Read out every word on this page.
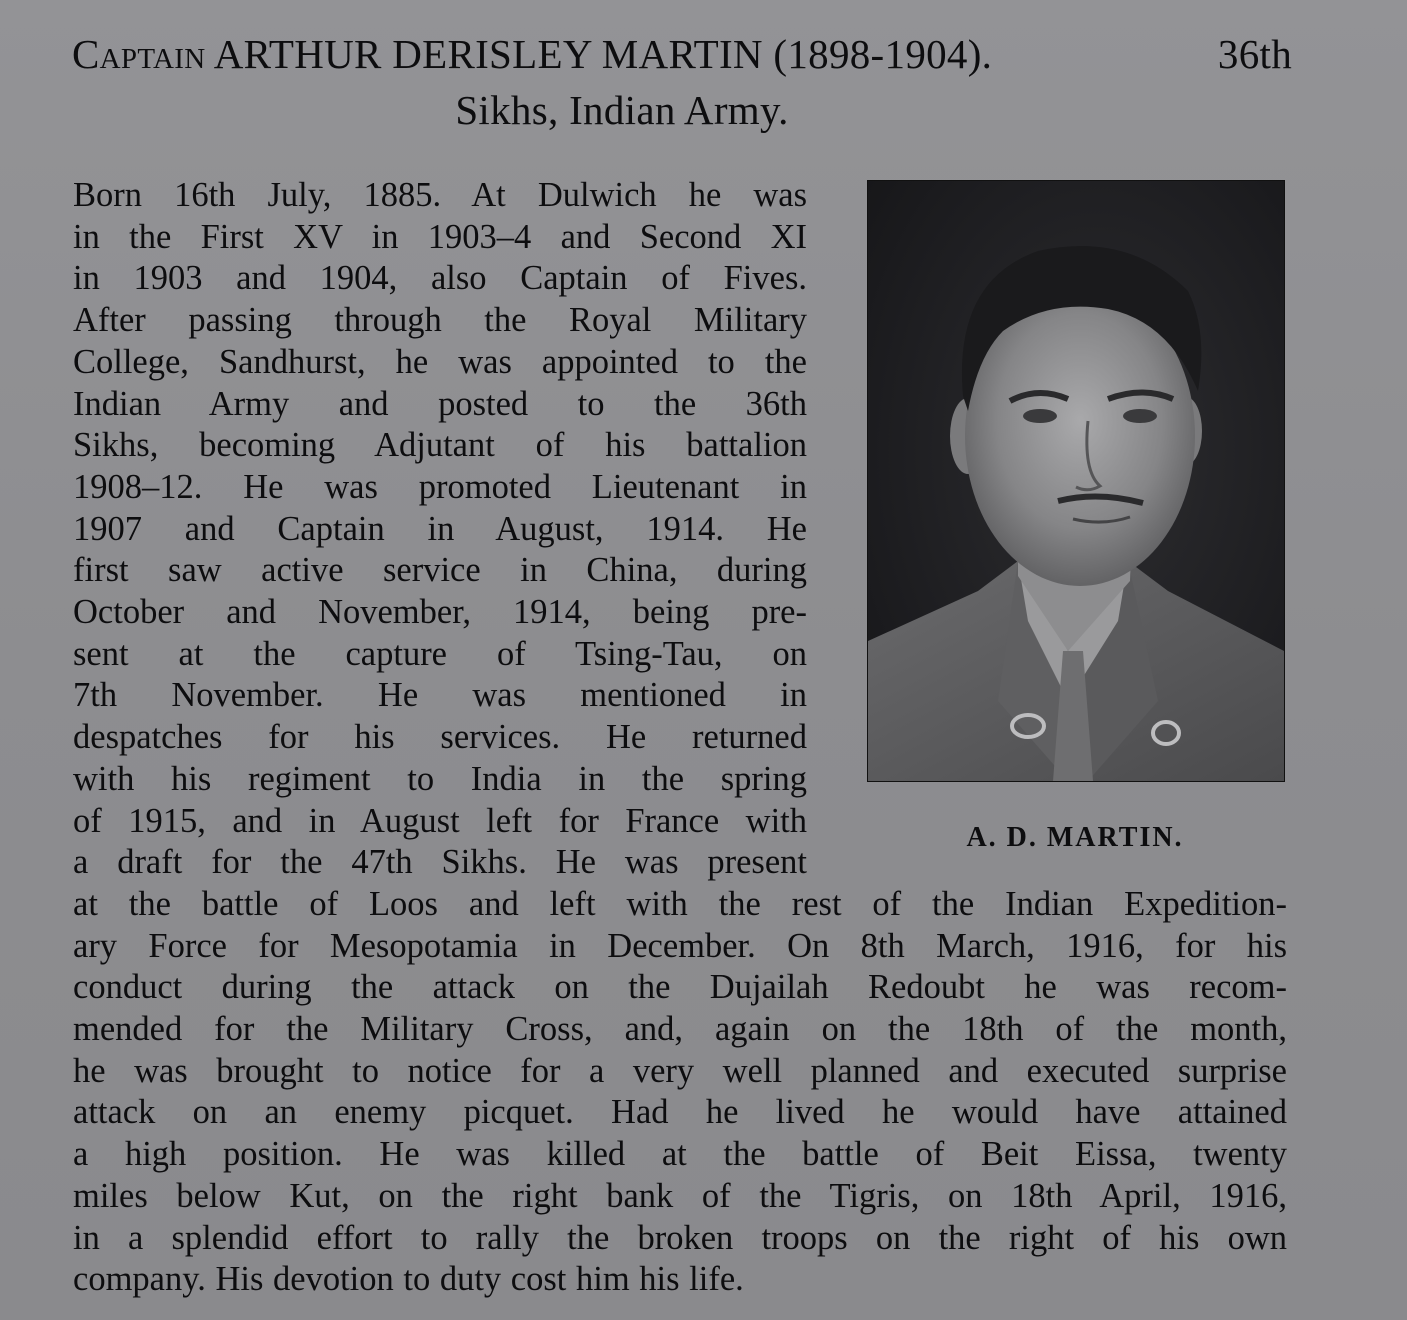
Captain ARTHUR DERISLEY MARTIN (1898-1904).	36th
Sikhs, Indian Army.
Born 16th July, 1885. At Dulwich he was
in the First XV in 1903–4 and Second XI
in 1903 and 1904, also Captain of Fives.
After passing through the Royal Military
College, Sandhurst, he was appointed to the
Indian Army and posted to the 36th
Sikhs, becoming Adjutant of his battalion
1908–12. He was promoted Lieutenant in
1907 and Captain in August, 1914. He
first saw active service in China, during
October and November, 1914, being pre-
sent at the capture of Tsing-Tau, on
7th November. He was mentioned in
despatches for his services. He returned
with his regiment to India in the spring
of 1915, and in August left for France with
a draft for the 47th Sikhs. He was present
at the battle of Loos and left with the rest of the Indian Expedition-
ary Force for Mesopotamia in December. On 8th March, 1916, for his
conduct during the attack on the Dujailah Redoubt he was recom-
mended for the Military Cross, and, again on the 18th of the month,
he was brought to notice for a very well planned and executed surprise
attack on an enemy picquet. Had he lived he would have attained
a high position. He was killed at the battle of Beit Eissa, twenty
miles below Kut, on the right bank of the Tigris, on 18th April, 1916,
in a splendid effort to rally the broken troops on the right of his own
company. His devotion to duty cost him his life.
A. D. MARTIN.
